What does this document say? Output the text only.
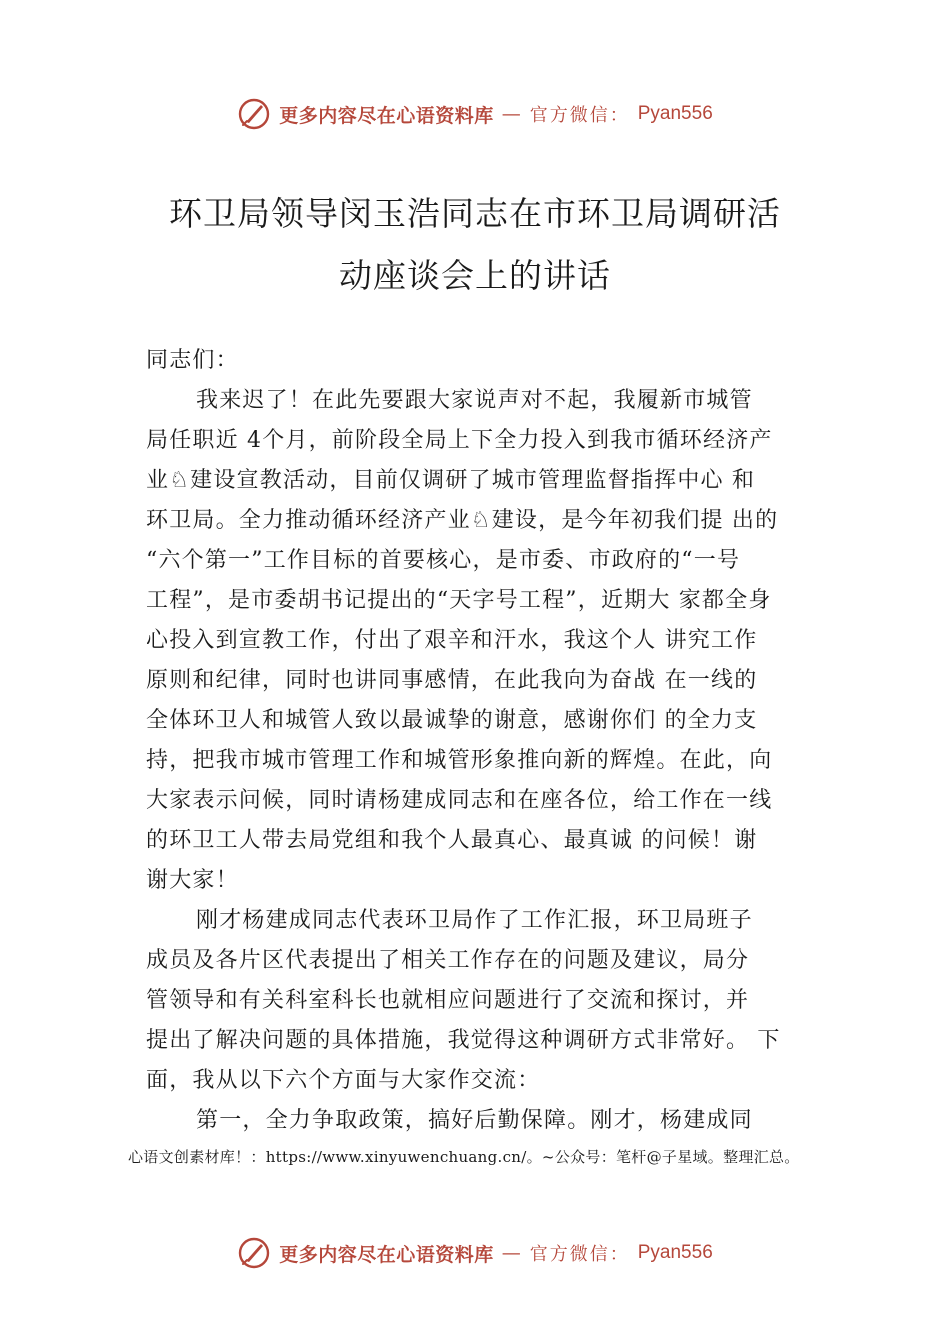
更多内容尽在心语资料库 — 官方微信： Pyan556
环卫局领导闵玉浩同志在市环卫局调研活
动座谈会上的讲话
同志们：
我来迟了！在此先要跟大家说声对不起，我履新市城管
局任职近 4个月，前阶段全局上下全力投入到我市循环经济产
业♘建设宣教活动，目前仅调研了城市管理监督指挥中心 和
环卫局。全力推动循环经济产业♘建设，是今年初我们提 出的
“六个第一”工作目标的首要核心，是市委、市政府的“一号
工程”，是市委胡书记提出的“天字号工程”，近期大 家都全身
心投入到宣教工作，付出了艰辛和汗水，我这个人 讲究工作
原则和纪律，同时也讲同事感情，在此我向为奋战 在一线的
全体环卫人和城管人致以最诚挚的谢意，感谢你们 的全力支
持，把我市城市管理工作和城管形象推向新的辉煌。在此，向
大家表示问候，同时请杨建成同志和在座各位，给工作在一线
的环卫工人带去局党组和我个人最真心、最真诚 的问候！谢
谢大家！
刚才杨建成同志代表环卫局作了工作汇报，环卫局班子
成员及各片区代表提出了相关工作存在的问题及建议，局分
管领导和有关科室科长也就相应问题进行了交流和探讨，并
提出了解决问题的具体措施，我觉得这种调研方式非常好。 下
面，我从以下六个方面与大家作交流：
第一，全力争取政策，搞好后勤保障。刚才，杨建成同
心语文创素材库！：https://www.xinyuwenchuang.cn/。~公众号：笔杆@子星域。整理汇总。
更多内容尽在心语资料库 — 官方微信： Pyan556
